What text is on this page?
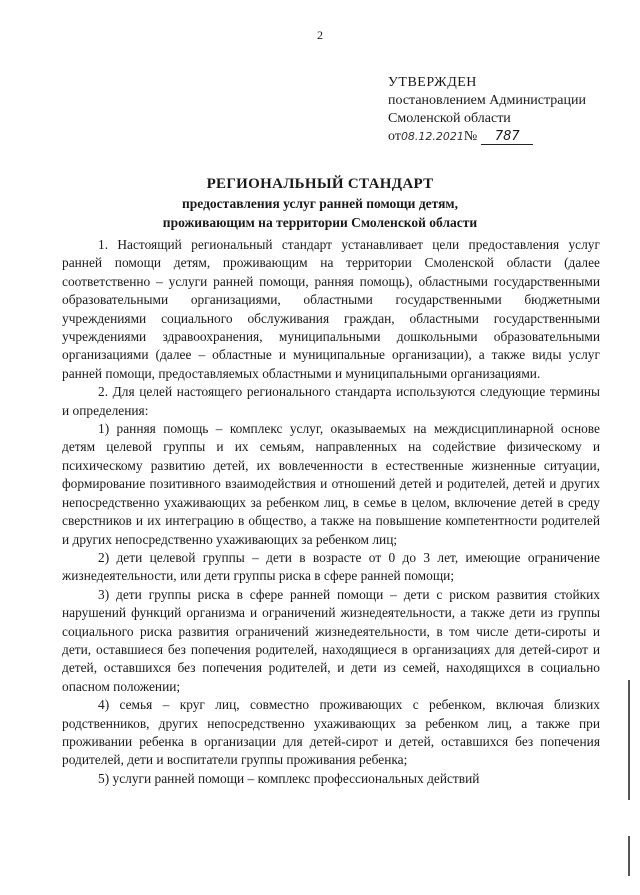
2
УТВЕРЖДЕН
постановлением Администрации
Смоленской области
от08.12.2021№ 787
РЕГИОНАЛЬНЫЙ СТАНДАРТ
предоставления услуг ранней помощи детям,
проживающим на территории Смоленской области

1. Настоящий региональный стандарт устанавливает цели предоставления услуг ранней помощи детям, проживающим на территории Смоленской области (далее соответственно – услуги ранней помощи, ранняя помощь), областными государственными образовательными организациями, областными государственными бюджетными учреждениями социального обслуживания граждан, областными государственными учреждениями здравоохранения, муниципальными дошкольными образовательными организациями (далее – областные и муниципальные организации), а также виды услуг ранней помощи, предоставляемых областными и муниципальными организациями.

2. Для целей настоящего регионального стандарта используются следующие термины и определения:

1) ранняя помощь – комплекс услуг, оказываемых на междисциплинарной основе детям целевой группы и их семьям, направленных на содействие физическому и психическому развитию детей, их вовлеченности в естественные жизненные ситуации, формирование позитивного взаимодействия и отношений детей и родителей, детей и других непосредственно ухаживающих за ребенком лиц, в семье в целом, включение детей в среду сверстников и их интеграцию в общество, а также на повышение компетентности родителей и других непосредственно ухаживающих за ребенком лиц;

2) дети целевой группы – дети в возрасте от 0 до 3 лет, имеющие ограничение жизнедеятельности, или дети группы риска в сфере ранней помощи;

3) дети группы риска в сфере ранней помощи – дети с риском развития стойких нарушений функций организма и ограничений жизнедеятельности, а также дети из группы социального риска развития ограничений жизнедеятельности, в том числе дети-сироты и дети, оставшиеся без попечения родителей, находящиеся в организациях для детей-сирот и детей, оставшихся без попечения родителей, и дети из семей, находящихся в социально опасном положении;

4) семья – круг лиц, совместно проживающих с ребенком, включая близких родственников, других непосредственно ухаживающих за ребенком лиц, а также при проживании ребенка в организации для детей-сирот и детей, оставшихся без попечения родителей, дети и воспитатели группы проживания ребенка;

5) услуги ранней помощи – комплекс профессиональных действий
